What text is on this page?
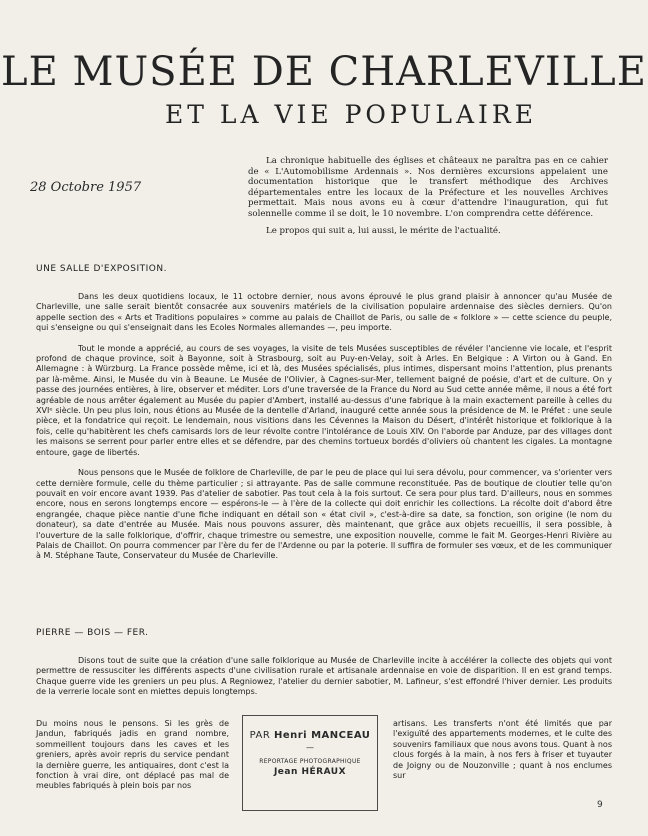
LE MUSÉE DE CHARLEVILLE
ET LA VIE POPULAIRE
28 Octobre 1957

La chronique habituelle des églises et châteaux ne paraîtra pas en ce cahier de « L'Automobilisme Ardennais ». Nos dernières excursions appelaient une documentation historique que le transfert méthodique des Archives départementales entre les locaux de la Préfecture et les nouvelles Archives permettait. Mais nous avons eu à cœur d'attendre l'inauguration, qui fut solennelle comme il se doit, le 10 novembre. L'on comprendra cette déférence.

Le propos qui suit a, lui aussi, le mérite de l'actualité.

UNE SALLE D'EXPOSITION.

Dans les deux quotidiens locaux, le 11 octobre dernier, nous avons éprouvé le plus grand plaisir à annoncer qu'au Musée de Charleville, une salle serait bientôt consacrée aux souvenirs matériels de la civilisation populaire ardennaise des siècles derniers. Qu'on appelle section des « Arts et Traditions populaires » comme au palais de Chaillot de Paris, ou salle de « folklore » — cette science du peuple, qui s'enseigne ou qui s'enseignait dans les Ecoles Normales allemandes —, peu importe.

Tout le monde a apprécié, au cours de ses voyages, la visite de tels Musées susceptibles de révéler l'ancienne vie locale, et l'esprit profond de chaque province, soit à Bayonne, soit à Strasbourg, soit au Puy-en-Velay, soit à Arles. En Belgique : A Virton ou à Gand. En Allemagne : à Würzburg. La France possède même, ici et là, des Musées spécialisés, plus intimes, dispersant moins l'attention, plus prenants par là-même. Ainsi, le Musée du vin à Beaune. Le Musée de l'Olivier, à Cagnes-sur-Mer, tellement baigné de poésie, d'art et de culture. On y passe des journées entières, à lire, observer et méditer. Lors d'une traversée de la France du Nord au Sud cette année même, il nous a été fort agréable de nous arrêter également au Musée du papier d'Ambert, installé au-dessus d'une fabrique à la main exactement pareille à celles du XVIᵉ siècle. Un peu plus loin, nous étions au Musée de la dentelle d'Arland, inauguré cette année sous la présidence de M. le Préfet : une seule pièce, et la fondatrice qui reçoit. Le lendemain, nous visitions dans les Cévennes la Maison du Désert, d'intérêt historique et folklorique à la fois, celle qu'habitèrent les chefs camisards lors de leur révolte contre l'intolérance de Louis XIV. On l'aborde par Anduze, par des villages dont les maisons se serrent pour parler entre elles et se défendre, par des chemins tortueux bordés d'oliviers où chantent les cigales. La montagne entoure, gage de libertés.

Nous pensons que le Musée de folklore de Charleville, de par le peu de place qui lui sera dévolu, pour commencer, va s'orienter vers cette dernière formule, celle du thème particulier ; si attrayante. Pas de salle commune reconstituée. Pas de boutique de cloutier telle qu'on pouvait en voir encore avant 1939. Pas d'atelier de sabotier. Pas tout cela à la fois surtout. Ce sera pour plus tard. D'ailleurs, nous en sommes encore, nous en serons longtemps encore — espérons-le — à l'ère de la collecte qui doit enrichir les collections. La récolte doit d'abord être engrangée, chaque pièce nantie d'une fiche indiquant en détail son « état civil », c'est-à-dire sa date, sa fonction, son origine (le nom du donateur), sa date d'entrée au Musée. Mais nous pouvons assurer, dès maintenant, que grâce aux objets recueillis, il sera possible, à l'ouverture de la salle folklorique, d'offrir, chaque trimestre ou semestre, une exposition nouvelle, comme le fait M. Georges-Henri Rivière au Palais de Chaillot. On pourra commencer par l'ère du fer de l'Ardenne ou par la poterie. Il suffira de formuler ses vœux, et de les communiquer à M. Stéphane Taute, Conservateur du Musée de Charleville.

PIERRE — BOIS — FER.

Disons tout de suite que la création d'une salle folklorique au Musée de Charleville incite à accélérer la collecte des objets qui vont permettre de ressusciter les différents aspects d'une civilisation rurale et artisanale ardennaise en voie de disparition. Il en est grand temps. Chaque guerre vide les greniers un peu plus. A Regniowez, l'atelier du dernier sabotier, M. Lafineur, s'est effondré l'hiver dernier. Les produits de la verrerie locale sont en miettes depuis longtemps.

Du moins nous le pensons. Si les grès de Jandun, fabriqués jadis en grand nombre, sommeillent toujours dans les caves et les greniers, après avoir repris du service pendant la dernière guerre, les antiquaires, dont c'est la fonction à vrai dire, ont déplacé pas mal de meubles fabriqués à plein bois par nos

PAR Henri MANCEAU
—
REPORTAGE PHOTOGRAPHIQUE
Jean HÉRAUX

artisans. Les transferts n'ont été limités que par l'exiguïté des appartements modernes, et le culte des souvenirs familiaux que nous avons tous. Quant à nos clous forgés à la main, à nos fers à friser et tuyauter de Joigny ou de Nouzonville ; quant à nos enclumes sur

9
